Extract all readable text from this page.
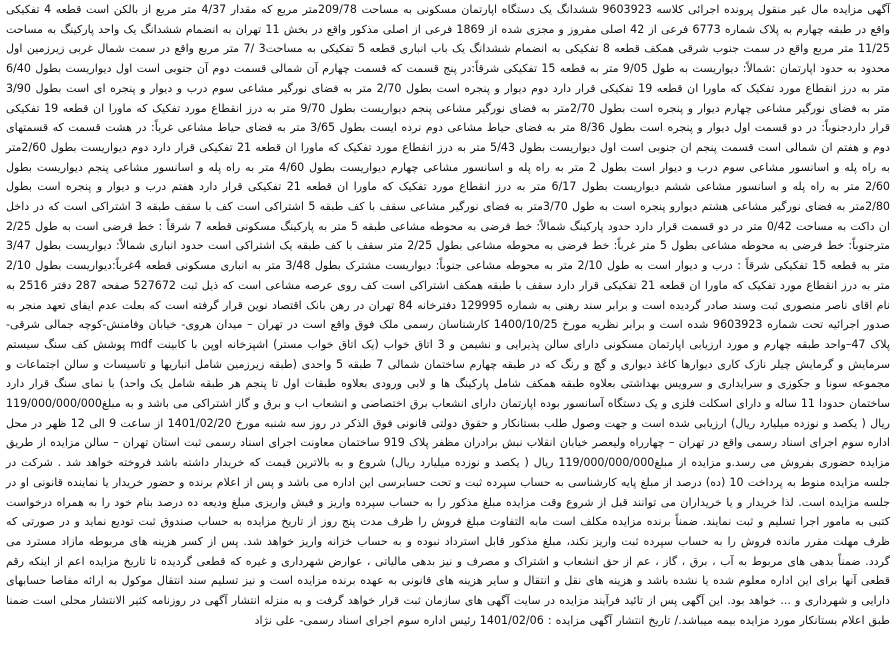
آگهی مزایده مال غیر منقول پرونده اجرائی کلاسه 9603923 ششدانگ یک دستگاه اپارتمان مسکونی به مساحت 209/78متر مربع که مقدار 4/37 متر مربع از بالکن است قطعه 4 تفکیکی واقع در طبقه چهارم به پلاک شماره 6773 فرعی از 42 اصلی مفروز و مجزی شده از 1869 فرعی از اصلی مذکور واقع در بخش 11 تهران به انضمام ششدانگ یک واحد پارکینگ به مساحت 11/25 متر مربع واقع در سمت جنوب شرقی همکف قطعه 8 تفکیکی به انضمام ششدانگ یک باب انباری قطعه 5 تفکیکی به مساحت3 /7 متر مربع واقع در سمت شمال غربی زیرزمین اول محدود به حدود اپارتمان :شمالاً: دیواریست به طول 9/05 متر به قطعه 15 تفکیکی شرقاً:در پنج قسمت که قسمت چهارم آن شمالی قسمت دوم آن جنوبی است اول دیواریست بطول 6/40 متر به درز انقطاع مورد تفکیک که ماورا ان قطعه 19 تفکیکی قرار دارد دوم دیوار و پنجره است بطول 2/70 متر به فضای نورگیر مشاعی سوم درب و دیوار و پنجره ای است بطول 3/90 متر به فضای نورگیر مشاعی چهارم دیوار و پنجره است بطول 2/70متر به فضای نورگیر مشاعی پنجم دیواریست بطول 9/70 متر به درز انقطاع مورد تفکیک که ماورا ان قطعه 19 تفکیکی قرار داردجنوباً: در دو قسمت اول دیوار و پنجره است بطول 8/36 متر به فضای حیاط مشاعی دوم نرده ایست بطول 3/65 متر به فضای حیاط مشاعی غرباً: در هشت قسمت که قسمتهای دوم و هفتم ان شمالی است قسمت پنجم ان جنوبی است اول دیواریست بطول 5/43 متر به درز انقطاع مورد تفکیک که ماورا ان قطعه 21 تفکیکی قرار دارد دوم دیواریست بطول 2/60متر به راه پله و اسانسور مشاعی سوم درب و دیوار است بطول 2 متر به راه پله و اسانسور مشاعی چهارم دیواریست بطول 4/60 متر به راه پله و اسانسور مشاعی پنجم دیواریست بطول 2/60 متر به راه پله و اسانسور مشاعی ششم دیواریست بطول 6/17 متر به درز انقطاع مورد تفکیک که ماورا ان قطعه 21 تفکیکی قرار دارد هفتم درب و دیوار و پنجره است بطول 2/80متر به فضای نورگیر مشاعی هشتم دیوارو پنجره است به طول 3/70متر به فضای نورگیر مشاعی سقف با کف طبقه 5 اشتراکی است کف با سقف طبقه 3 اشتراکی است که در داخل ان داکت به مساحت 0/42 متر در دو قسمت قرار دارد حدود پارکینگ شمالاً: خط فرضی به محوطه مشاعی طبقه 5 متر به پارکینگ مسکونی قطعه 7 شرقاً : خط فرضی است به طول 2/25 مترجنوباً: خط فرضی به محوطه مشاعی بطول 5 متر غرباً: خط فرضی به محوطه مشاعی بطول 2/25 متر سقف با کف طبقه یک اشتراکی است حدود انباری شمالاً: دیواریست بطول 3/47 متر به قطعه 15 تفکیکی شرقاً : درب و دیوار است به طول 2/10 متر به محوطه مشاعی جنوباً: دیواریست مشترک بطول 3/48 متر به انباری مسکونی قطعه 4غرباً:دیواریست بطول 2/10 متر به درز انقطاع مورد تفکیک که ماورا ان قطعه 21 تفکیکی قرار دارد سقف با طبقه همکف اشتراکی است کف روی عرصه مشاعی است که ذیل ثبت 527672 صفحه 287 دفتر 2516 به نام اقای ناصر منصوری ثبت وسند صادر گردیده است و برابر سند رهنی به شماره 129995 دفترخانه 84 تهران در رهن بانک اقتصاد نوین قرار گرفته است که بعلت عدم ایفای تعهد منجر به صدور اجرائیه تحت شماره 9603923 شده است و برابر نظریه مورخ 1400/10/25 کارشناسان رسمی ملک فوق واقع است در تهران – میدان هروی- خیابان وفامنش-کوچه جمالی شرقی- پلاک 47–واحد طبقه چهارم و مورد ارزیابی اپارتمان مسکونی دارای سالن پذیرایی و نشیمن و 3 اتاق خواب (یک اتاق خواب مستر) اشپزخانه اوپن با کابینت mdf پوشش کف سنگ سیستم سرمایش و گرمایش چیلر نازک کاری دیوارها کاغذ دیواری و گچ و رنگ که در طبقه چهارم ساختمان شمالی 7 طبقه 5 واحدی (طبقه زیرزمین شامل انباریها و تاسیسات و سالن اجتماعات و مجموعه سونا و جکوزی و سرایداری و سرویس بهداشتی بعلاوه طبقه همکف شامل پارکینگ ها و لابی ورودی بعلاوه طبقات اول تا پنجم هر طبقه شامل یک واحد) با نمای سنگ قرار دارد ساختمان حدودا 11 ساله و دارای اسکلت فلزی و یک دستگاه آسانسور بوده اپارتمان دارای انشعاب برق اختصاصی و انشعاب اب و برق و گاز اشتراکی می باشد و به مبلغ119/000/000/000 ریال ( یکصد و نوزده میلیارد ریال) ارزیابی شده است و جهت وصول طلب بستانکار و حقوق دولتی قانونی فوق الذکر در روز سه شنبه مورخ 1401/02/20 از ساعت 9 الی 12 ظهر در محل اداره سوم اجرای اسناد رسمی واقع در تهران – چهارراه ولیعصر خیابان انقلاب نبش برادران مظفر پلاک 919 ساختمان معاونت اجرای اسناد رسمی ثبت استان تهران – سالن مزایده از طریق مزایده حضوری بفروش می رسد.و مزایده از مبلغ119/000/000/000 ریال ( یکصد و نوزده میلیارد ریال) شروع و به بالاترین قیمت که خریدار داشته باشد فروخته خواهد شد . شرکت در جلسه مزایده منوط به پرداخت 10 (ده) درصد از مبلغ پایه کارشناسی به حساب سپرده ثبت و تحت حسابرسی این اداره می باشد و پس از اعلام برنده و حضور خریدار یا نماینده قانونی او در جلسه مزایده است. لذا خریدار و یا خریداران می توانند قبل از شروع وقت مزایده مبلغ مذکور را به حساب سپرده واریز و فیش واریزی مبلغ ودیعه ده درصد بنام خود را به همراه درخواست کتبی به مامور اجرا تسلیم و ثبت نمایند. ضمناً برنده مزایده مکلف است مابه التفاوت مبلغ فروش را ظرف مدت پنج روز از تاریخ مزایده به حساب صندوق ثبت تودیع نماید و در صورتی که ظرف مهلت مقرر مانده فروش را به حساب سپرده ثبت واریز نکند، مبلغ مذکور قابل استرداد نبوده و به حساب خزانه واریز خواهد شد. پس از کسر هزینه های مربوطه مازاد مسترد می گردد. ضمناً بدهی های مربوط به آب ، برق ، گاز ، عم از حق انشعاب و اشتراک و مصرف و نیز بدهی مالیاتی ، عوارض شهرداری و غیره که قطعی گردیده تا تاریخ مزایده اعم از اینکه رقم قطعی آنها برای این اداره معلوم شده یا نشده باشد و هزینه های نقل و انتقال و سایر هزینه های قانونی به عهده برنده مزایده است و نیز تسلیم سند انتقال موکول به ارائه مفاصا حسابهای دارایی و شهرداری و ... خواهد بود. این آگهی پس از تائید فرآیند مزایده در سایت آگهی های سازمان ثبت قرار خواهد گرفت و به منزله انتشار آگهی در روزنامه کثیر الانتشار محلی است ضمنا طبق اعلام بستانکار مورد مزایده بیمه میباشد./ تاریخ انتشار آگهی مزایده : 1401/02/06 رئیس اداره سوم اجرای اسناد رسمی- علی نژاد
